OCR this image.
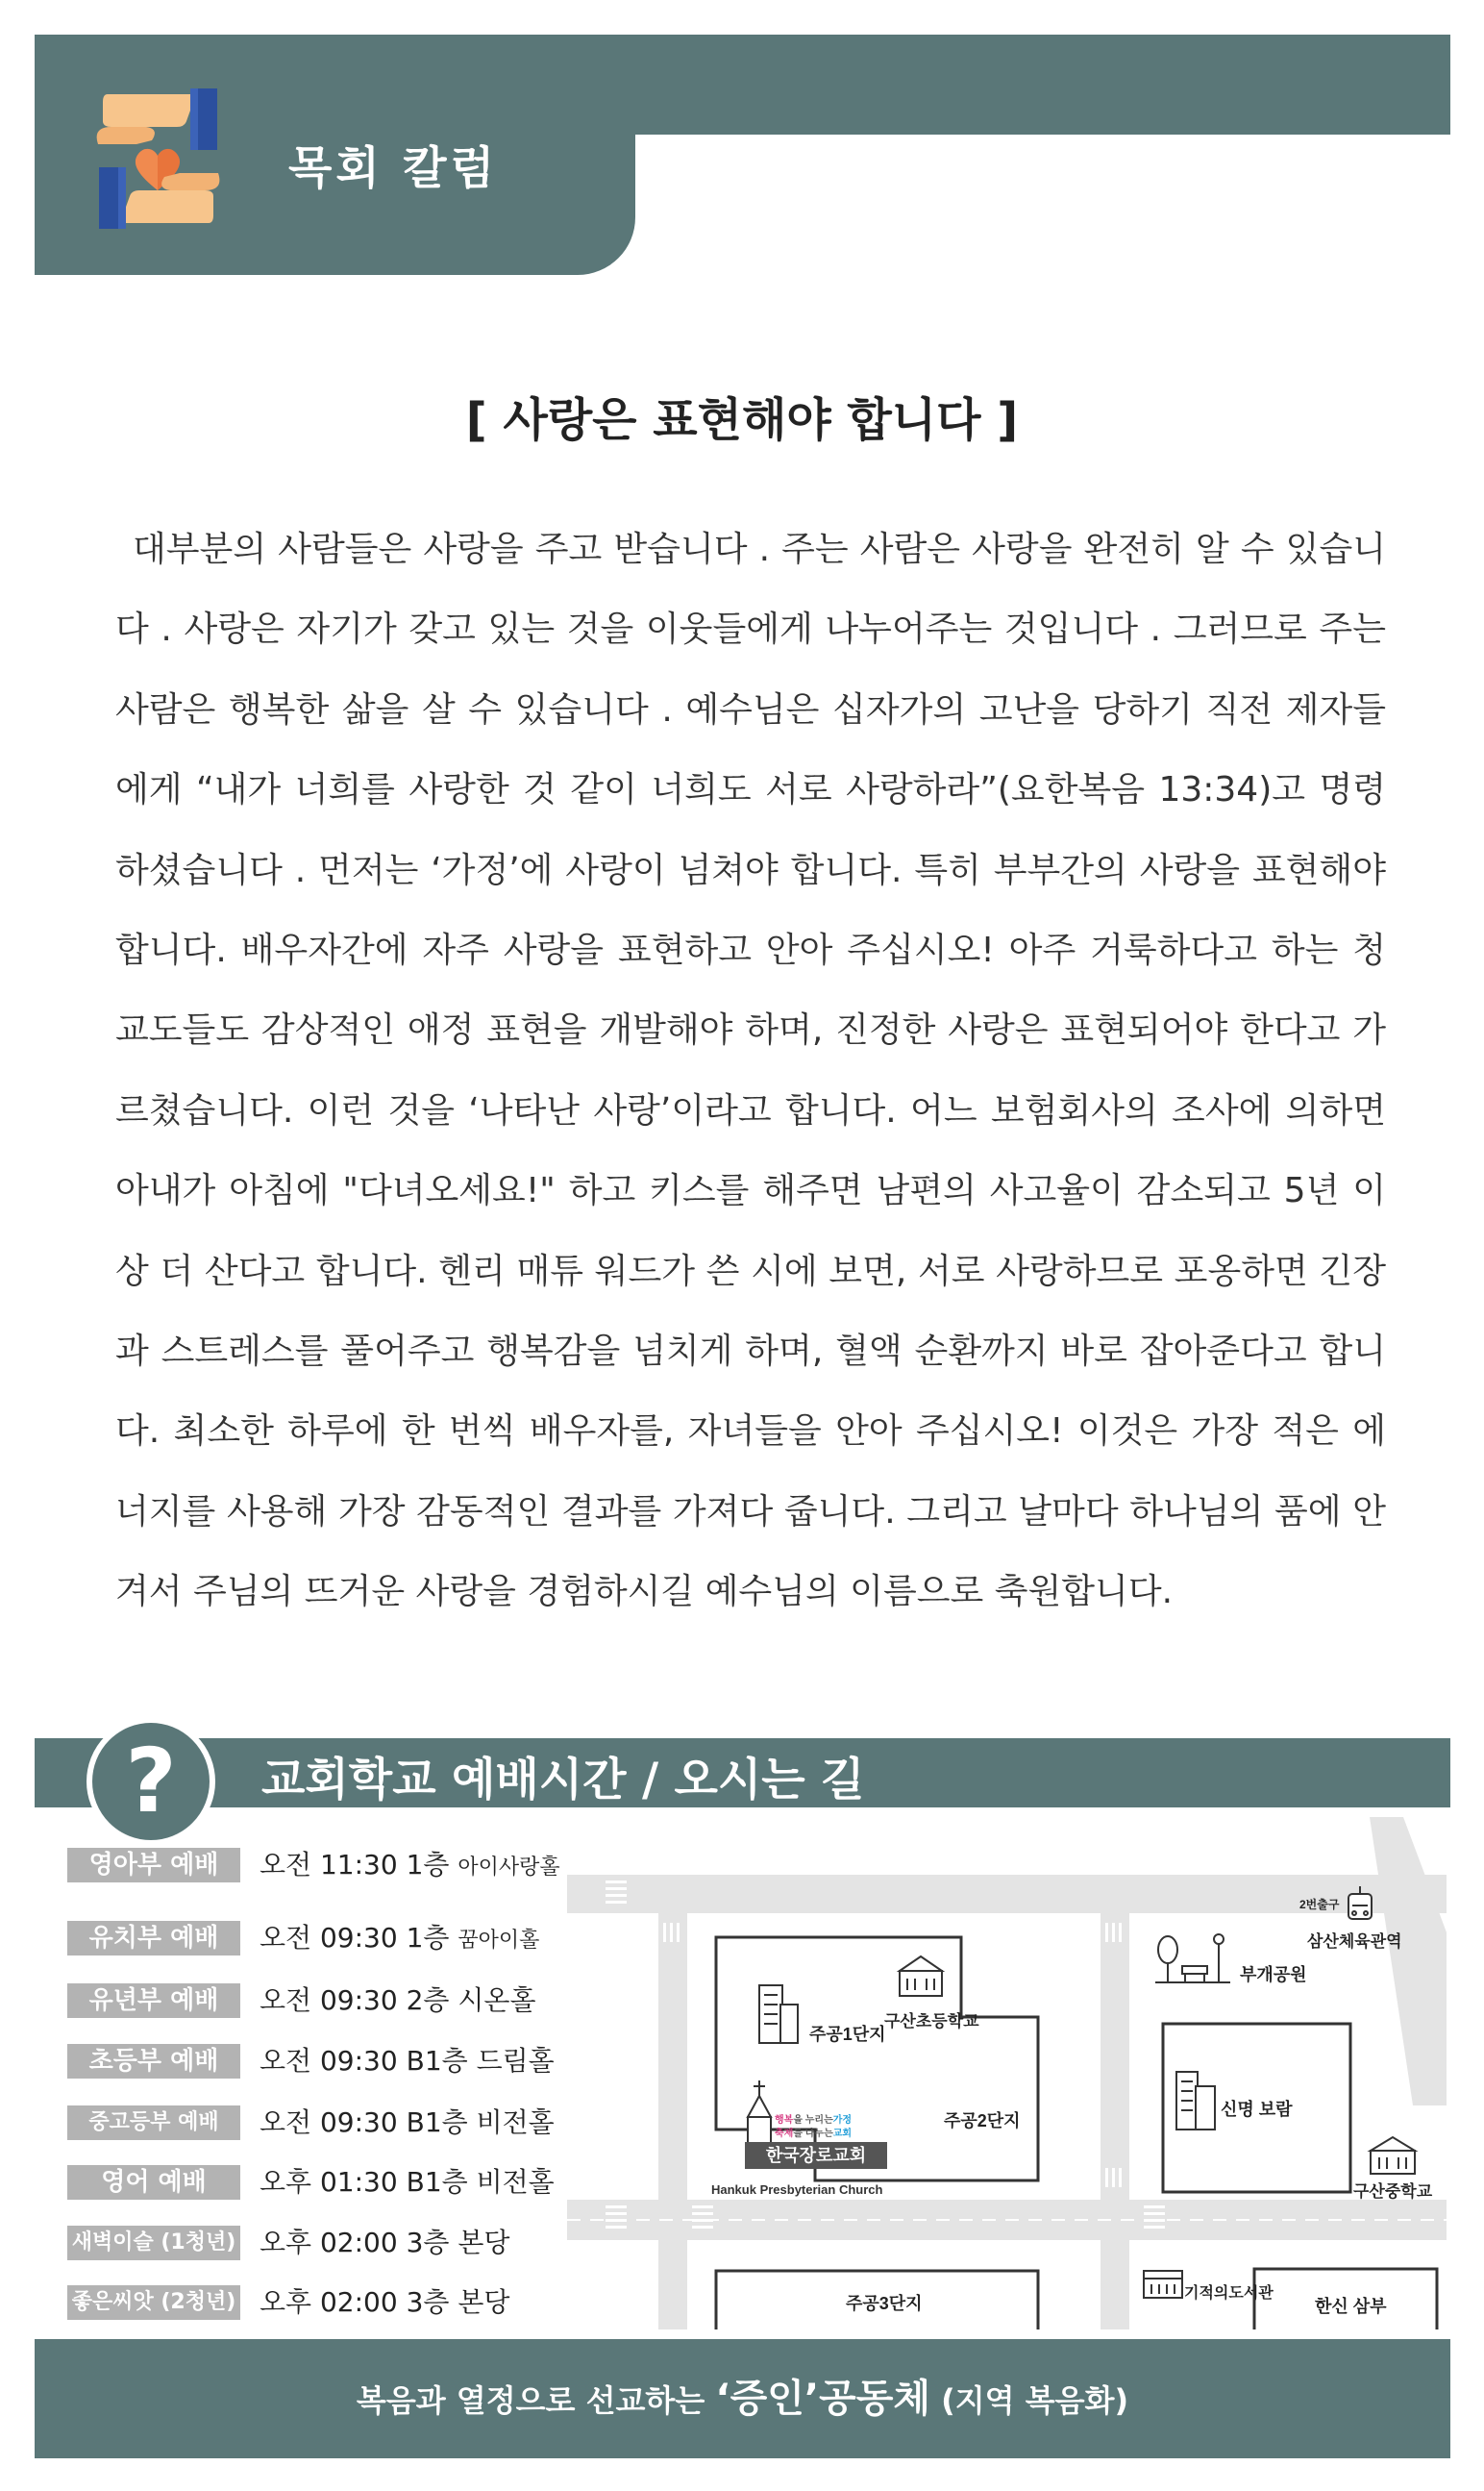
목회 칼럼
[ 사랑은 표현해야 합니다 ]
대부분의 사람들은 사랑을 주고 받습니다 . 주는 사람은 사랑을 완전히 알 수 있습니다 . 사랑은 자기가 갖고 있는 것을 이웃들에게 나누어주는 것입니다 . 그러므로 주는 사람은 행복한 삶을 살 수 있습니다 . 예수님은 십자가의 고난을 당하기 직전 제자들에게 “내가 너희를 사랑한 것 같이 너희도 서로 사랑하라”(요한복음 13:34)고 명령하셨습니다 . 먼저는 ‘가정’에 사랑이 넘쳐야 합니다. 특히 부부간의 사랑을 표현해야 합니다. 배우자간에 자주 사랑을 표현하고 안아 주십시오! 아주 거룩하다고 하는 청교도들도 감상적인 애정 표현을 개발해야 하며, 진정한 사랑은 표현되어야 한다고 가르쳤습니다. 이런 것을 ‘나타난 사랑’이라고 합니다. 어느 보험회사의 조사에 의하면 아내가 아침에 "다녀오세요!" 하고 키스를 해주면 남편의 사고율이 감소되고 5년 이상 더 산다고 합니다. 헨리 매튜 워드가 쓴 시에 보면, 서로 사랑하므로 포옹하면 긴장과 스트레스를 풀어주고 행복감을 넘치게 하며, 혈액 순환까지 바로 잡아준다고 합니다. 최소한 하루에 한 번씩 배우자를, 자녀들을 안아 주십시오! 이것은 가장 적은 에너지를 사용해 가장 감동적인 결과를 가져다 줍니다. 그리고 날마다 하나님의 품에 안겨서 주님의 뜨거운 사랑을 경험하시길 예수님의 이름으로 축원합니다.
?	교회학교 예배시간 / 오시는 길
영아부 예배	오전 11:30 1층 아이사랑홀
유치부 예배	오전 09:30 1층 꿈아이홀
유년부 예배	오전 09:30 2층 시온홀
초등부 예배	오전 09:30 B1층 드림홀
중고등부 예배	오전 09:30 B1층 비전홀
영어 예배	오후 01:30 B1층 비전홀
새벽이슬 (1청년) 오후 02:00 3층 본당
좋은씨앗 (2청년) 오후 02:00 3층 본당
주공1단지
구산초등학교
부개공원
2번출구
삼산체육관역
주공2단지
신명 보람
행복을 누리는가정
축제를 나누는교회
한국장로교회
Hankuk Presbyterian Church	구산중학교
주공3단지
기적의도서관
한신 삼부
복음과 열정으로 선교하는 ‘증인’공동체 (지역 복음화)
